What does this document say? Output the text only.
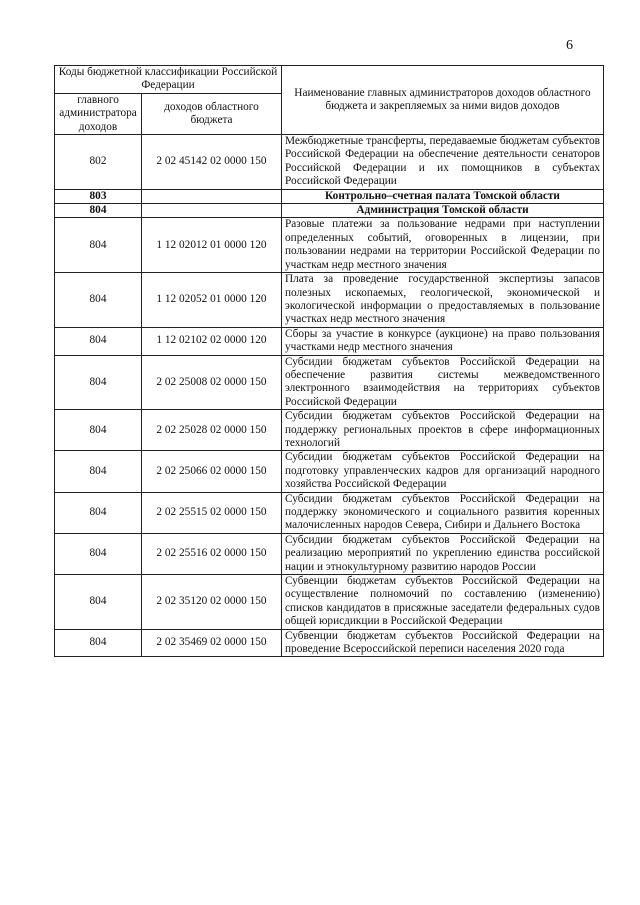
6
Коды бюджетной классификации Российской Федерации		Наименование главных администраторов доходов областного бюджета и закрепляемых за ними видов доходов
главного администратора доходов	доходов областного бюджета	
802	2 02 45142 02 0000 150	Межбюджетные трансферты, передаваемые бюджетам субъектов Российской Федерации на обеспечение деятельности сенаторов Российской Федерации и их помощников в субъектах Российской Федерации
803		Контрольно–счетная палата Томской области
804		Администрация Томской области
804	1 12 02012 01 0000 120	Разовые платежи за пользование недрами при наступлении определенных событий, оговоренных в лицензии, при пользовании недрами на территории Российской Федерации по участкам недр местного значения
804	1 12 02052 01 0000 120	Плата за проведение государственной экспертизы запасов полезных ископаемых, геологической, экономической и экологической информации о предоставляемых в пользование участках недр местного значения
804	1 12 02102 02 0000 120	Сборы за участие в конкурсе (аукционе) на право пользования участками недр местного значения
804	2 02 25008 02 0000 150	Субсидии бюджетам субъектов Российской Федерации на обеспечение развития системы межведомственного электронного взаимодействия на территориях субъектов Российской Федерации
804	2 02 25028 02 0000 150	Субсидии бюджетам субъектов Российской Федерации на поддержку региональных проектов в сфере информационных технологий
804	2 02 25066 02 0000 150	Субсидии бюджетам субъектов Российской Федерации на подготовку управленческих кадров для организаций народного хозяйства Российской Федерации
804	2 02 25515 02 0000 150	Субсидии бюджетам субъектов Российской Федерации на поддержку экономического и социального развития коренных малочисленных народов Севера, Сибири и Дальнего Востока
804	2 02 25516 02 0000 150	Субсидии бюджетам субъектов Российской Федерации на реализацию мероприятий по укреплению единства российской нации и этнокультурному развитию народов России
804	2 02 35120 02 0000 150	Субвенции бюджетам субъектов Российской Федерации на осуществление полномочий по составлению (изменению) списков кандидатов в присяжные заседатели федеральных судов общей юрисдикции в Российской Федерации
804	2 02 35469 02 0000 150	Субвенции бюджетам субъектов Российской Федерации на проведение Всероссийской переписи населения 2020 года
